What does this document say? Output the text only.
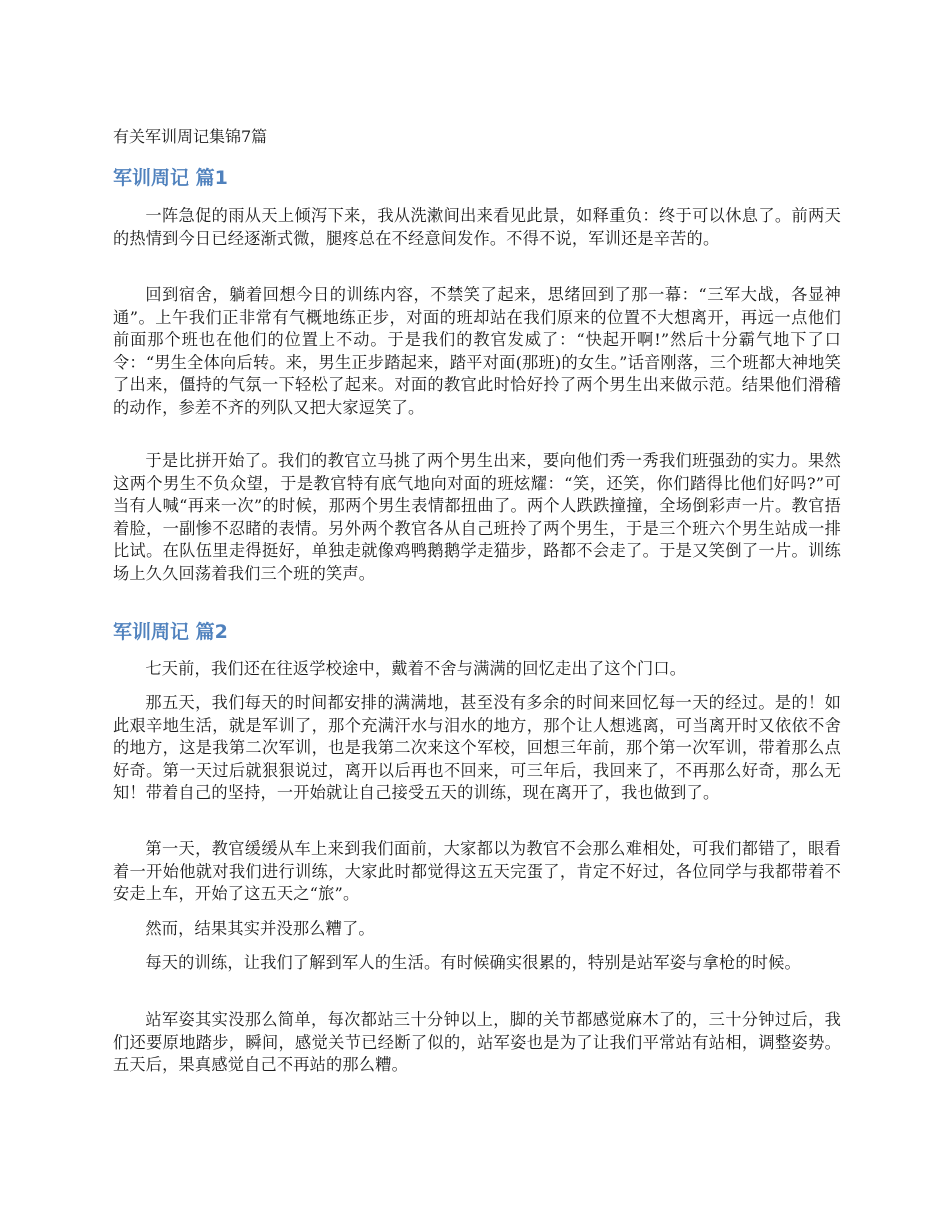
有关军训周记集锦7篇
军训周记 篇1

一阵急促的雨从天上倾泻下来，我从洗漱间出来看见此景，如释重负：终于可以休息了。前两天的热情到今日已经逐渐式微，腿疼总在不经意间发作。不得不说，军训还是辛苦的。

回到宿舍，躺着回想今日的训练内容，不禁笑了起来，思绪回到了那一幕：“三军大战，各显神通”。上午我们正非常有气概地练正步，对面的班却站在我们原来的位置不大想离开，再远一点他们前面那个班也在他们的位置上不动。于是我们的教官发威了：“快起开啊!”然后十分霸气地下了口令：“男生全体向后转。来，男生正步踏起来，踏平对面(那班)的女生。”话音刚落，三个班都大神地笑了出来，僵持的气氛一下轻松了起来。对面的教官此时恰好拎了两个男生出来做示范。结果他们滑稽的动作，参差不齐的列队又把大家逗笑了。

于是比拼开始了。我们的教官立马挑了两个男生出来，要向他们秀一秀我们班强劲的实力。果然这两个男生不负众望，于是教官特有底气地向对面的班炫耀：“笑，还笑，你们踏得比他们好吗?”可当有人喊“再来一次”的时候，那两个男生表情都扭曲了。两个人跌跌撞撞，全场倒彩声一片。教官捂着脸，一副惨不忍睹的表情。另外两个教官各从自己班拎了两个男生，于是三个班六个男生站成一排比试。在队伍里走得挺好，单独走就像鸡鸭鹅鹅学走猫步，路都不会走了。于是又笑倒了一片。训练场上久久回荡着我们三个班的笑声。

军训周记 篇2

七天前，我们还在往返学校途中，戴着不舍与满满的回忆走出了这个门口。

那五天，我们每天的时间都安排的满满地，甚至没有多余的时间来回忆每一天的经过。是的！如此艰辛地生活，就是军训了，那个充满汗水与泪水的地方，那个让人想逃离，可当离开时又依依不舍的地方，这是我第二次军训，也是我第二次来这个军校，回想三年前，那个第一次军训，带着那么点好奇。第一天过后就狠狠说过，离开以后再也不回来，可三年后，我回来了，不再那么好奇，那么无知！带着自己的坚持，一开始就让自己接受五天的训练，现在离开了，我也做到了。

第一天，教官缓缓从车上来到我们面前，大家都以为教官不会那么难相处，可我们都错了，眼看着一开始他就对我们进行训练，大家此时都觉得这五天完蛋了，肯定不好过，各位同学与我都带着不安走上车，开始了这五天之“旅”。

然而，结果其实并没那么糟了。

每天的训练，让我们了解到军人的生活。有时候确实很累的，特别是站军姿与拿枪的时候。

站军姿其实没那么简单，每次都站三十分钟以上，脚的关节都感觉麻木了的，三十分钟过后，我们还要原地踏步，瞬间，感觉关节已经断了似的，站军姿也是为了让我们平常站有站相，调整姿势。五天后，果真感觉自己不再站的那么糟。
